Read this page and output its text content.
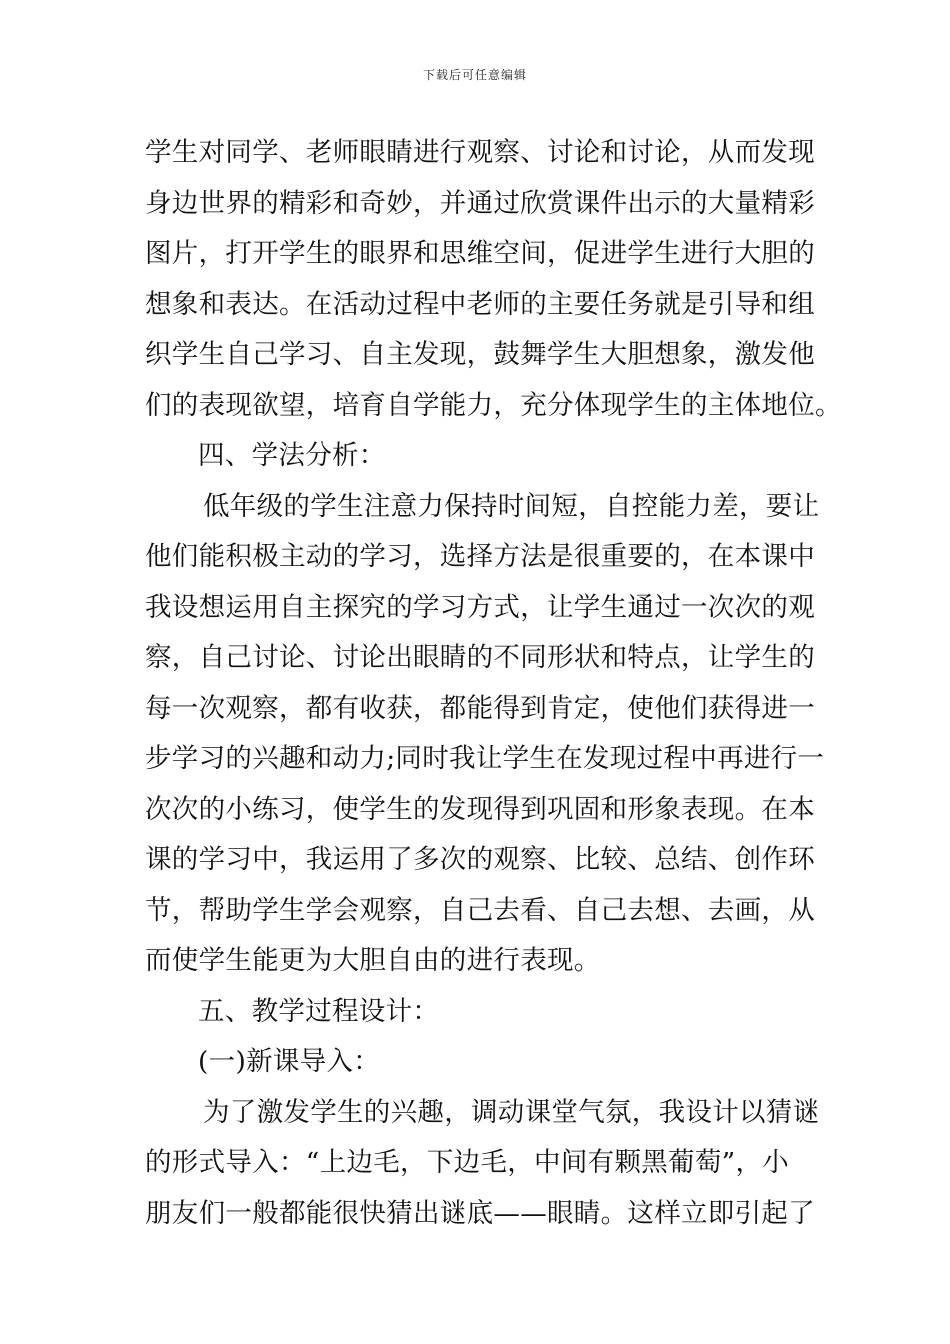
下载后可任意编辑
学生对同学、老师眼睛进行观察、讨论和讨论，从而发现
身边世界的精彩和奇妙，并通过欣赏课件出示的大量精彩
图片，打开学生的眼界和思维空间，促进学生进行大胆的
想象和表达。在活动过程中老师的主要任务就是引导和组
织学生自己学习、自主发现，鼓舞学生大胆想象，激发他
们的表现欲望，培育自学能力，充分体现学生的主体地位。
四、学法分析：
低年级的学生注意力保持时间短，自控能力差，要让
他们能积极主动的学习，选择方法是很重要的，在本课中
我设想运用自主探究的学习方式，让学生通过一次次的观
察，自己讨论、讨论出眼睛的不同形状和特点，让学生的
每一次观察，都有收获，都能得到肯定，使他们获得进一
步学习的兴趣和动力;同时我让学生在发现过程中再进行一
次次的小练习，使学生的发现得到巩固和形象表现。在本
课的学习中，我运用了多次的观察、比较、总结、创作环
节，帮助学生学会观察，自己去看、自己去想、去画，从
而使学生能更为大胆自由的进行表现。
五、教学过程设计：
(一)新课导入：
为了激发学生的兴趣，调动课堂气氛，我设计以猜谜
的形式导入：“上边毛，下边毛，中间有颗黑葡萄”，小
朋友们一般都能很快猜出谜底——眼睛。这样立即引起了
